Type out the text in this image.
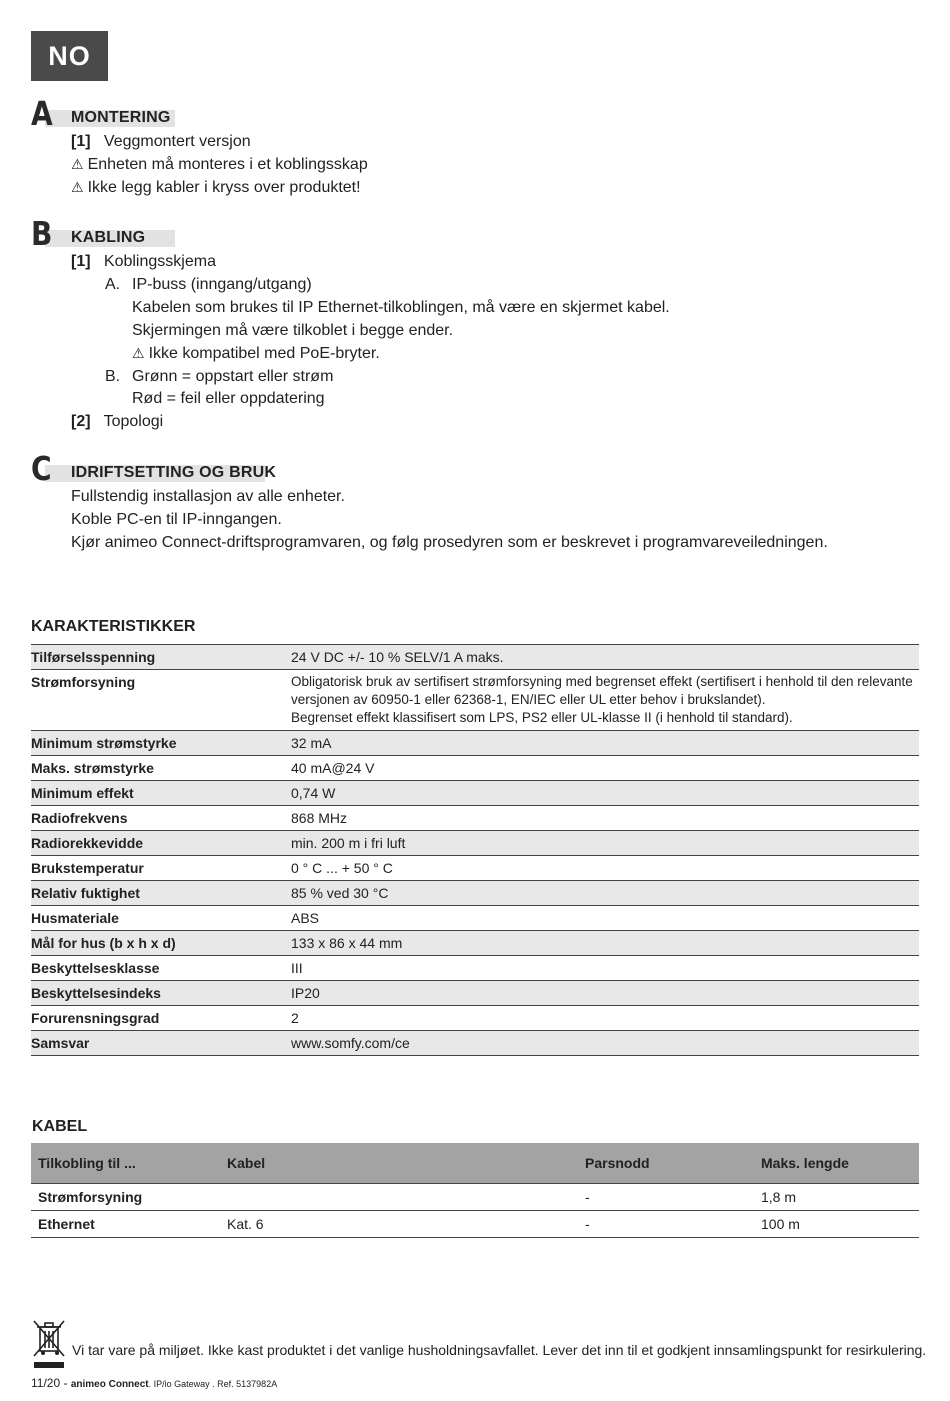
NO
A MONTERING
[1] Veggmontert versjon
⚠ Enheten må monteres i et koblingsskap
⚠ Ikke legg kabler i kryss over produktet!
B KABLING
[1] Koblingsskjema
A. IP-buss (inngang/utgang)
Kabelen som brukes til IP Ethernet-tilkoblingen, må være en skjermet kabel.
Skjermingen må være tilkoblet i begge ender.
⚠ Ikke kompatibel med PoE-bryter.
B. Grønn = oppstart eller strøm
Rød = feil eller oppdatering
[2] Topologi
C IDRIFTSETTING OG BRUK
Fullstendig installasjon av alle enheter.
Koble PC-en til IP-inngangen.
Kjør animeo Connect-driftsprogramvaren, og følg prosedyren som er beskrevet i programvareveiledningen.
KARAKTERISTIKKER
Tilførselsspenning	24 V DC +/- 10 % SELV/1 A maks.
Strømforsyning	Obligatorisk bruk av sertifisert strømforsyning med begrenset effekt (sertifisert i henhold til den relevante
versjonen av 60950-1 eller 62368-1, EN/IEC eller UL etter behov i brukslandet).
Begrenset effekt klassifisert som LPS, PS2 eller UL-klasse II (i henhold til standard).

Minimum strømstyrke	32 mA
Maks. strømstyrke	40 mA@24 V
Minimum effekt	0,74 W
Radiofrekvens	868 MHz
Radiorekkevidde	min. 200 m i fri luft
Brukstemperatur	0 ° C ... + 50 ° C
Relativ fuktighet	85 % ved 30 °C
Husmateriale	ABS
Mål for hus (b x h x d)	133 x 86 x 44 mm
Beskyttelsesklasse	III
Beskyttelsesindeks	IP20
Forurensningsgrad	2
Samsvar	www.somfy.com/ce
KABEL
Tilkobling til ...	Kabel	Parsnodd	Maks. lengde
Strømforsyning		-	1,8 m
Ethernet	Kat. 6	-	100 m
Vi tar vare på miljøet. Ikke kast produktet i det vanlige husholdningsavfallet. Lever det inn til et godkjent innsamlingspunkt for resirkulering.
11/20 - animeo Connect. IP/io Gateway . Ref. 5137982A
